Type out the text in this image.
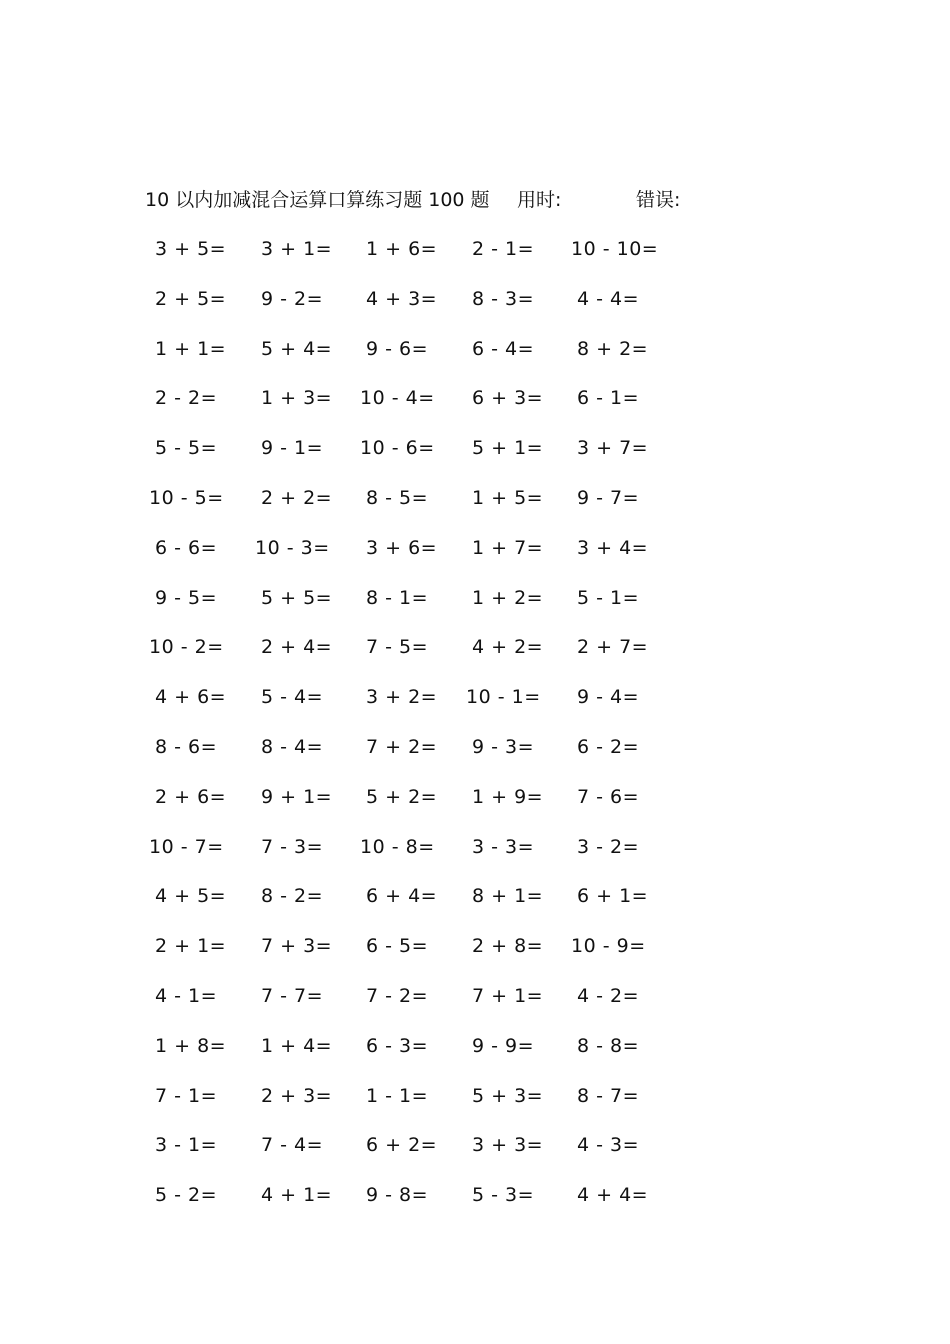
10 以内加减混合运算口算练习题 100 题 用时:	错误:
3 + 5= 3 + 1= 1 + 6= 2 - 1= 10 - 10=
2 + 5= 9 - 2= 4 + 3= 8 - 3= 4 - 4=
1 + 1= 5 + 4= 9 - 6= 6 - 4= 8 + 2=
2 - 2= 1 + 3= 10 - 4= 6 + 3= 6 - 1=
5 - 5= 9 - 1= 10 - 6= 5 + 1= 3 + 7=
10 - 5= 2 + 2= 8 - 5= 1 + 5= 9 - 7=
6 - 6= 10 - 3= 3 + 6= 1 + 7= 3 + 4=
9 - 5= 5 + 5= 8 - 1= 1 + 2= 5 - 1=
10 - 2= 2 + 4= 7 - 5= 4 + 2= 2 + 7=
4 + 6= 5 - 4= 3 + 2= 10 - 1= 9 - 4=
8 - 6= 8 - 4= 7 + 2= 9 - 3= 6 - 2=
2 + 6= 9 + 1= 5 + 2= 1 + 9= 7 - 6=
10 - 7= 7 - 3= 10 - 8= 3 - 3= 3 - 2=
4 + 5= 8 - 2= 6 + 4= 8 + 1= 6 + 1=
2 + 1= 7 + 3= 6 - 5= 2 + 8= 10 - 9=
4 - 1= 7 - 7= 7 - 2= 7 + 1= 4 - 2=
1 + 8= 1 + 4= 6 - 3= 9 - 9= 8 - 8=
7 - 1= 2 + 3= 1 - 1= 5 + 3= 8 - 7=
3 - 1= 7 - 4= 6 + 2= 3 + 3= 4 - 3=
5 - 2= 4 + 1= 9 - 8= 5 - 3= 4 + 4=
